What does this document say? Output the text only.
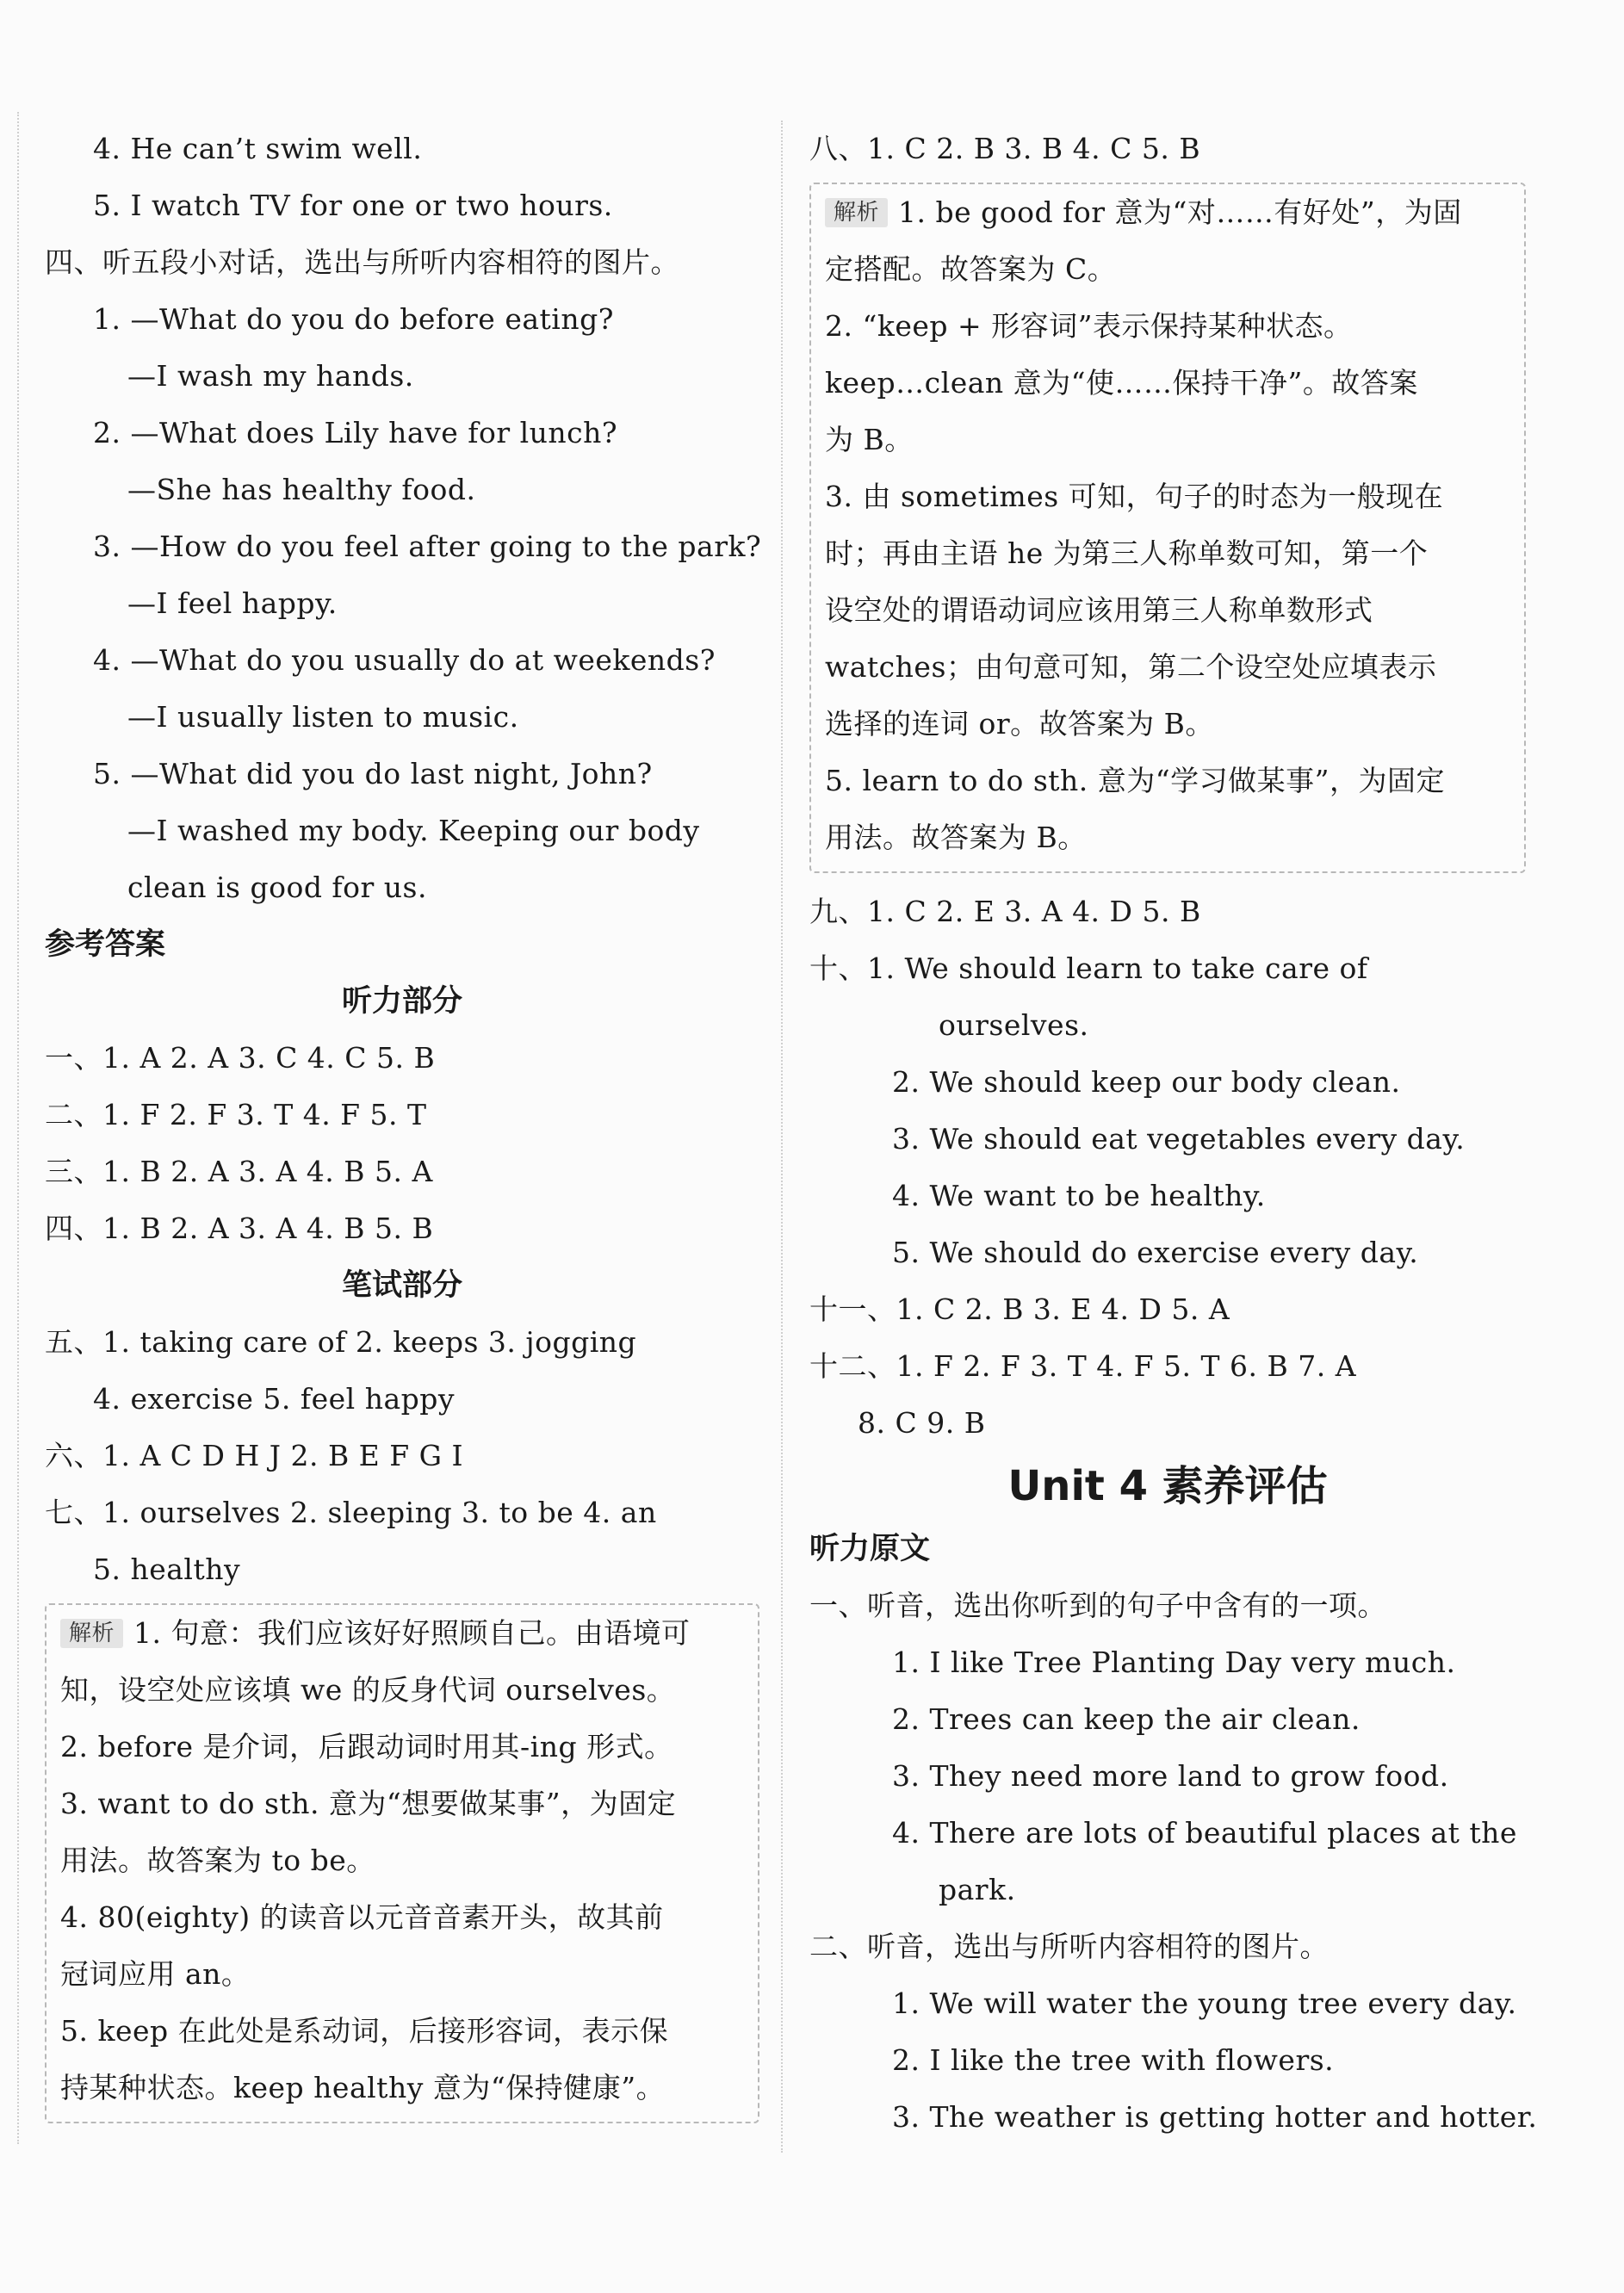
4. He can’t swim well.
5. I watch TV for one or two hours.
四、听五段小对话，选出与所听内容相符的图片。
1. —What do you do before eating?
—I wash my hands.
2. —What does Lily have for lunch?
—She has healthy food.
3. —How do you feel after going to the park?
—I feel happy.
4. —What do you usually do at weekends?
—I usually listen to music.
5. —What did you do last night, John?
—I washed my body. Keeping our body
clean is good for us.
参考答案
听力部分
一、1. A 2. A 3. C 4. C 5. B
二、1. F 2. F 3. T 4. F 5. T
三、1. B 2. A 3. A 4. B 5. A
四、1. B 2. A 3. A 4. B 5. B
笔试部分
五、1. taking care of 2. keeps 3. jogging
4. exercise 5. feel happy
六、1. A C D H J 2. B E F G I
七、1. ourselves 2. sleeping 3. to be 4. an
5. healthy
解析 1. 句意：我们应该好好照顾自己。由语境可
知，设空处应该填 we 的反身代词 ourselves。
2. before 是介词，后跟动词时用其-ing 形式。
3. want to do sth. 意为“想要做某事”，为固定
用法。故答案为 to be。
4. 80(eighty) 的读音以元音音素开头，故其前
冠词应用 an。
5. keep 在此处是系动词，后接形容词，表示保
持某种状态。keep healthy 意为“保持健康”。
八、1. C 2. B 3. B 4. C 5. B
解析 1. be good for 意为“对……有好处”，为固
定搭配。故答案为 C。
2. “keep + 形容词”表示保持某种状态。
keep…clean 意为“使……保持干净”。故答案
为 B。
3. 由 sometimes 可知，句子的时态为一般现在
时；再由主语 he 为第三人称单数可知，第一个
设空处的谓语动词应该用第三人称单数形式
watches；由句意可知，第二个设空处应填表示
选择的连词 or。故答案为 B。
5. learn to do sth. 意为“学习做某事”，为固定
用法。故答案为 B。
九、1. C 2. E 3. A 4. D 5. B
十、1. We should learn to take care of
ourselves.
2. We should keep our body clean.
3. We should eat vegetables every day.
4. We want to be healthy.
5. We should do exercise every day.
十一、1. C 2. B 3. E 4. D 5. A
十二、1. F 2. F 3. T 4. F 5. T 6. B 7. A
8. C 9. B
Unit 4 素养评估
听力原文
一、听音，选出你听到的句子中含有的一项。
1. I like Tree Planting Day very much.
2. Trees can keep the air clean.
3. They need more land to grow food.
4. There are lots of beautiful places at the
park.
二、听音，选出与所听内容相符的图片。
1. We will water the young tree every day.
2. I like the tree with flowers.
3. The weather is getting hotter and hotter.
